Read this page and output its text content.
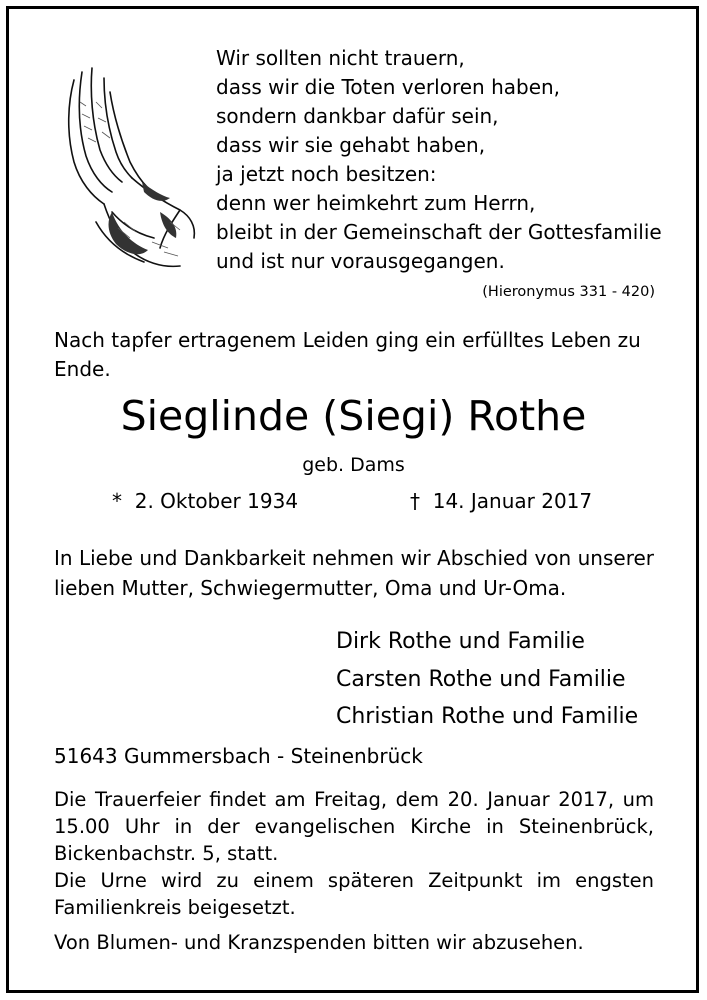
Wir sollten nicht trauern,
dass wir die Toten verloren haben,
sondern dankbar dafür sein,
dass wir sie gehabt haben,
ja jetzt noch besitzen:
denn wer heimkehrt zum Herrn,
bleibt in der Gemeinschaft der Gottesfamilie
und ist nur vorausgegangen.
(Hieronymus 331 - 420)
Nach tapfer ertragenem Leiden ging ein erfülltes Leben zu Ende.
Sieglinde (Siegi) Rothe
geb. Dams
* 2. Oktober 1934	† 14. Januar 2017
In Liebe und Dankbarkeit nehmen wir Abschied von unserer lieben Mutter, Schwiegermutter, Oma und Ur-Oma.
Dirk Rothe und Familie
Carsten Rothe und Familie
Christian Rothe und Familie
51643 Gummersbach - Steinenbrück
Die Trauerfeier findet am Freitag, dem 20. Januar 2017, um 15.00 Uhr in der evangelischen Kirche in Steinenbrück, Bickenbachstr. 5, statt.
Die Urne wird zu einem späteren Zeitpunkt im engsten Familienkreis beigesetzt.
Von Blumen- und Kranzspenden bitten wir abzusehen.
